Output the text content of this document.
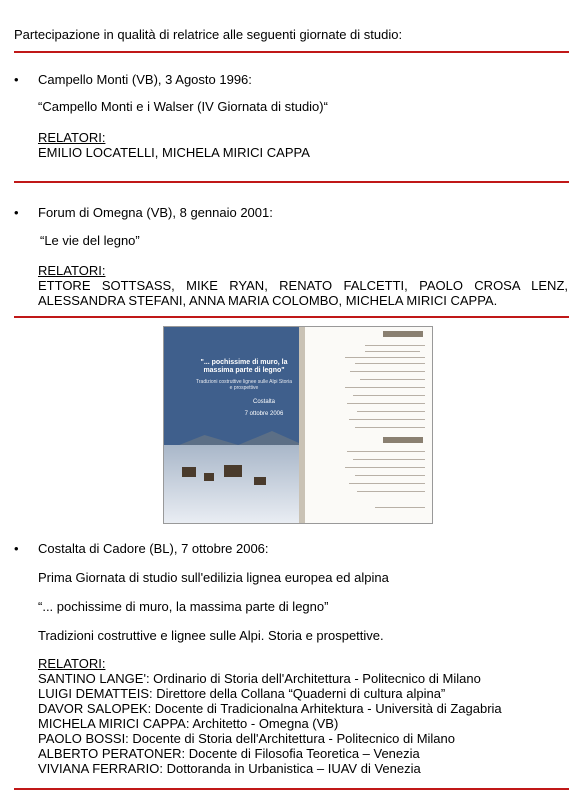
Partecipazione in qualità di relatrice alle seguenti giornate di studio:
• Campello Monti (VB), 3 Agosto 1996:
“Campello Monti e i Walser (IV Giornata di studio)“
RELATORI:
EMILIO LOCATELLI, MICHELA MIRICI CAPPA
• Forum di Omegna (VB), 8 gennaio 2001:
“Le vie del legno”
RELATORI:
ETTORE SOTTSASS, MIKE RYAN, RENATO FALCETTI, PAOLO CROSA LENZ,
ALESSANDRA STEFANI, ANNA MARIA COLOMBO, MICHELA MIRICI CAPPA.
"... pochissime di muro, la massima parte di legno"
Tradizioni costruttive lignee sulle Alpi Storia e prospettive
Costalta
7 ottobre 2006
• Costalta di Cadore (BL), 7 ottobre 2006:
Prima Giornata di studio sull'edilizia lignea europea ed alpina
“... pochissime di muro, la massima parte di legno”
Tradizioni costruttive e lignee sulle Alpi. Storia e prospettive.
RELATORI:
SANTINO LANGE': Ordinario di Storia dell'Architettura - Politecnico di Milano
LUIGI DEMATTEIS: Direttore della Collana “Quaderni di cultura alpina”
DAVOR SALOPEK: Docente di Tradicionalna Arhitektura - Università di Zagabria
MICHELA MIRICI CAPPA: Architetto - Omegna (VB)
PAOLO BOSSI: Docente di Storia dell'Architettura - Politecnico di Milano
ALBERTO PERATONER: Docente di Filosofia Teoretica – Venezia
VIVIANA FERRARIO: Dottoranda in Urbanistica – IUAV di Venezia
